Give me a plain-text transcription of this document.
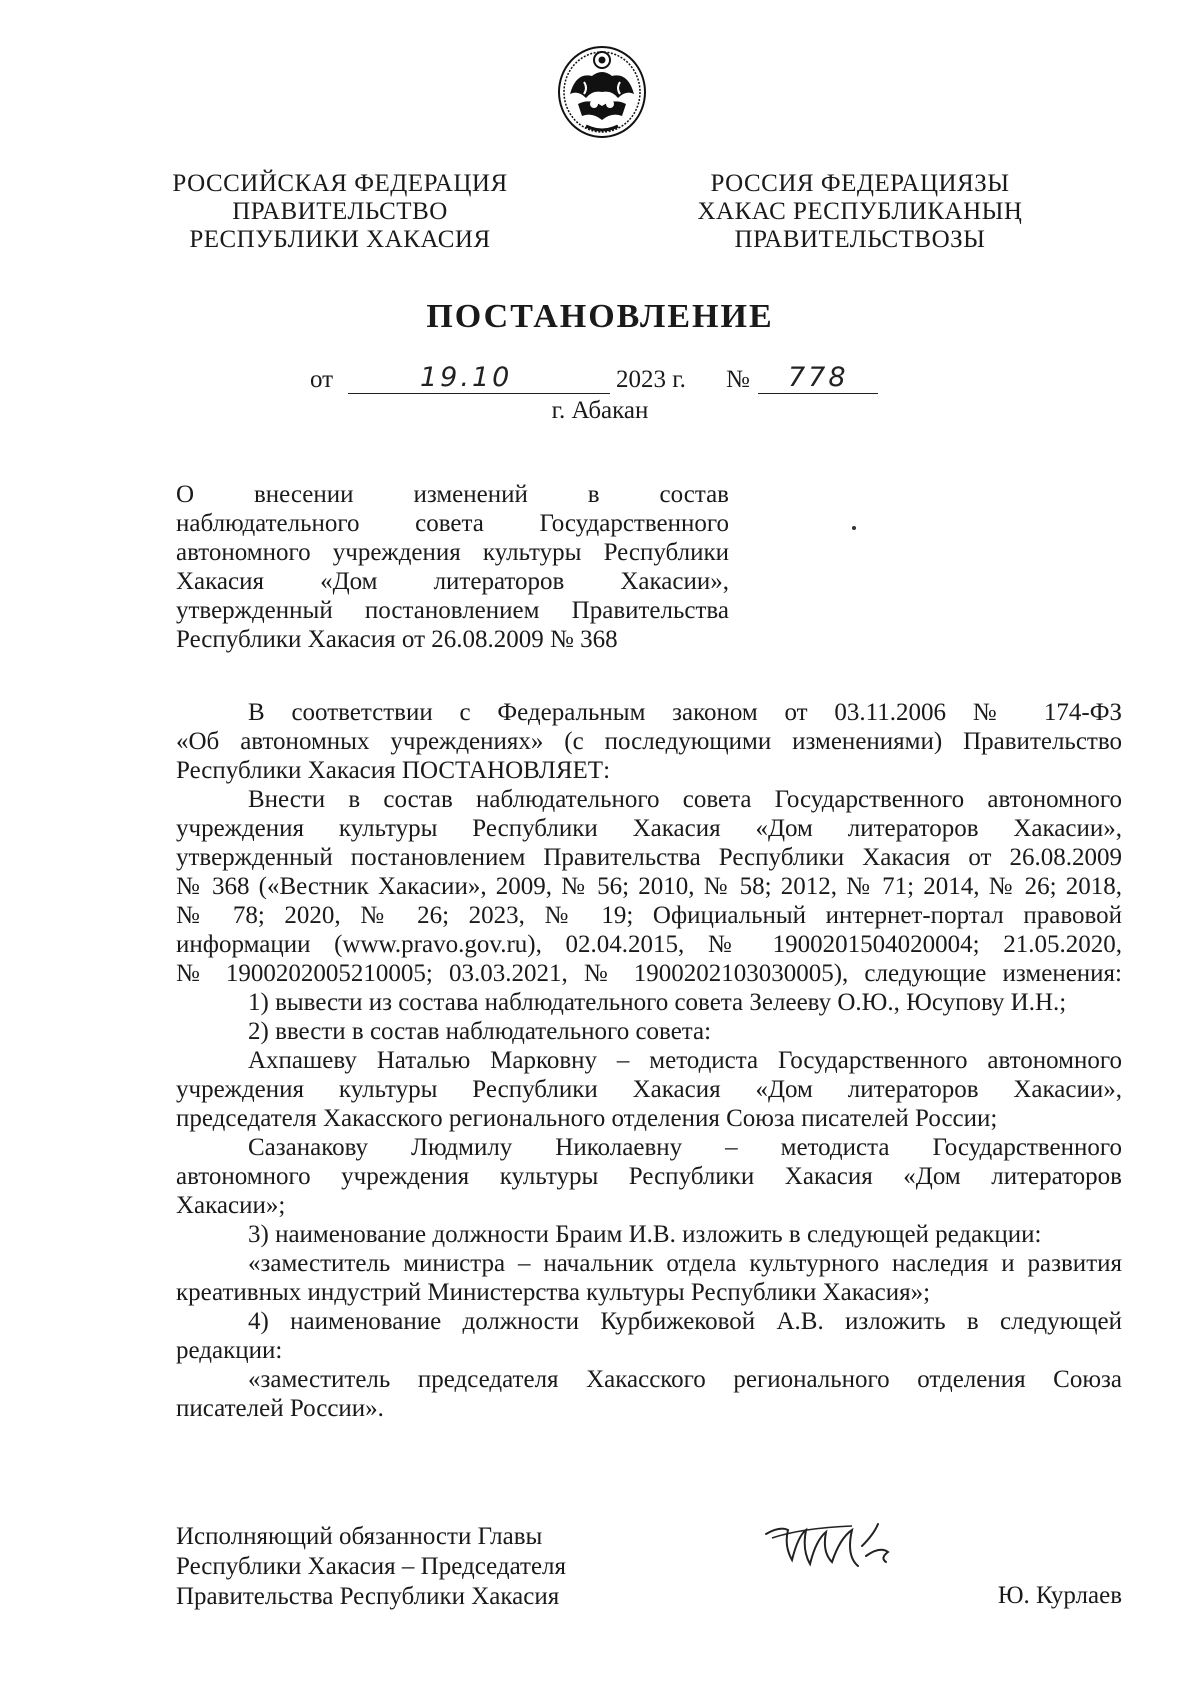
РОССИЙСКАЯ ФЕДЕРАЦИЯ
ПРАВИТЕЛЬСТВО
РЕСПУБЛИКИ ХАКАСИЯ
РОССИЯ ФЕДЕРАЦИЯЗЫ
ХАКАС РЕСПУБЛИКАНЫҢ
ПРАВИТЕЛЬСТВОЗЫ
ПОСТАНОВЛЕНИЕ
от	19.10	2023 г. № 778
г. Абакан
О внесении изменений в состав
наблюдательного совета Государственного
автономного учреждения культуры Республики
Хакасия «Дом литераторов Хакасии»,
утвержденный постановлением Правительства
Республики Хакасия от 26.08.2009 № 368
В соответствии с Федеральным законом от 03.11.2006 № 174-ФЗ
«Об автономных учреждениях» (с последующими изменениями) Правительство
Республики Хакасия ПОСТАНОВЛЯЕТ:
Внести в состав наблюдательного совета Государственного автономного
учреждения культуры Республики Хакасия «Дом литераторов Хакасии»,
утвержденный постановлением Правительства Республики Хакасия от 26.08.2009
№ 368 («Вестник Хакасии», 2009, № 56; 2010, № 58; 2012, № 71; 2014, № 26; 2018,
№ 78; 2020, № 26; 2023, № 19; Официальный интернет-портал правовой
информации (www.pravo.gov.ru), 02.04.2015, № 1900201504020004; 21.05.2020,
№ 1900202005210005; 03.03.2021, № 1900202103030005), следующие изменения:
1) вывести из состава наблюдательного совета Зелееву О.Ю., Юсупову И.Н.;
2) ввести в состав наблюдательного совета:
Ахпашеву Наталью Марковну – методиста Государственного автономного
учреждения культуры Республики Хакасия «Дом литераторов Хакасии»,
председателя Хакасского регионального отделения Союза писателей России;
Сазанакову Людмилу Николаевну – методиста Государственного
автономного учреждения культуры Республики Хакасия «Дом литераторов
Хакасии»;
3) наименование должности Браим И.В. изложить в следующей редакции:
«заместитель министра – начальник отдела культурного наследия и развития
креативных индустрий Министерства культуры Республики Хакасия»;
4) наименование должности Курбижековой А.В. изложить в следующей
редакции:
«заместитель председателя Хакасского регионального отделения Союза
писателей России».
Исполняющий обязанности Главы
Республики Хакасия – Председателя
Правительства Республики Хакасия	Ю. Курлаев
